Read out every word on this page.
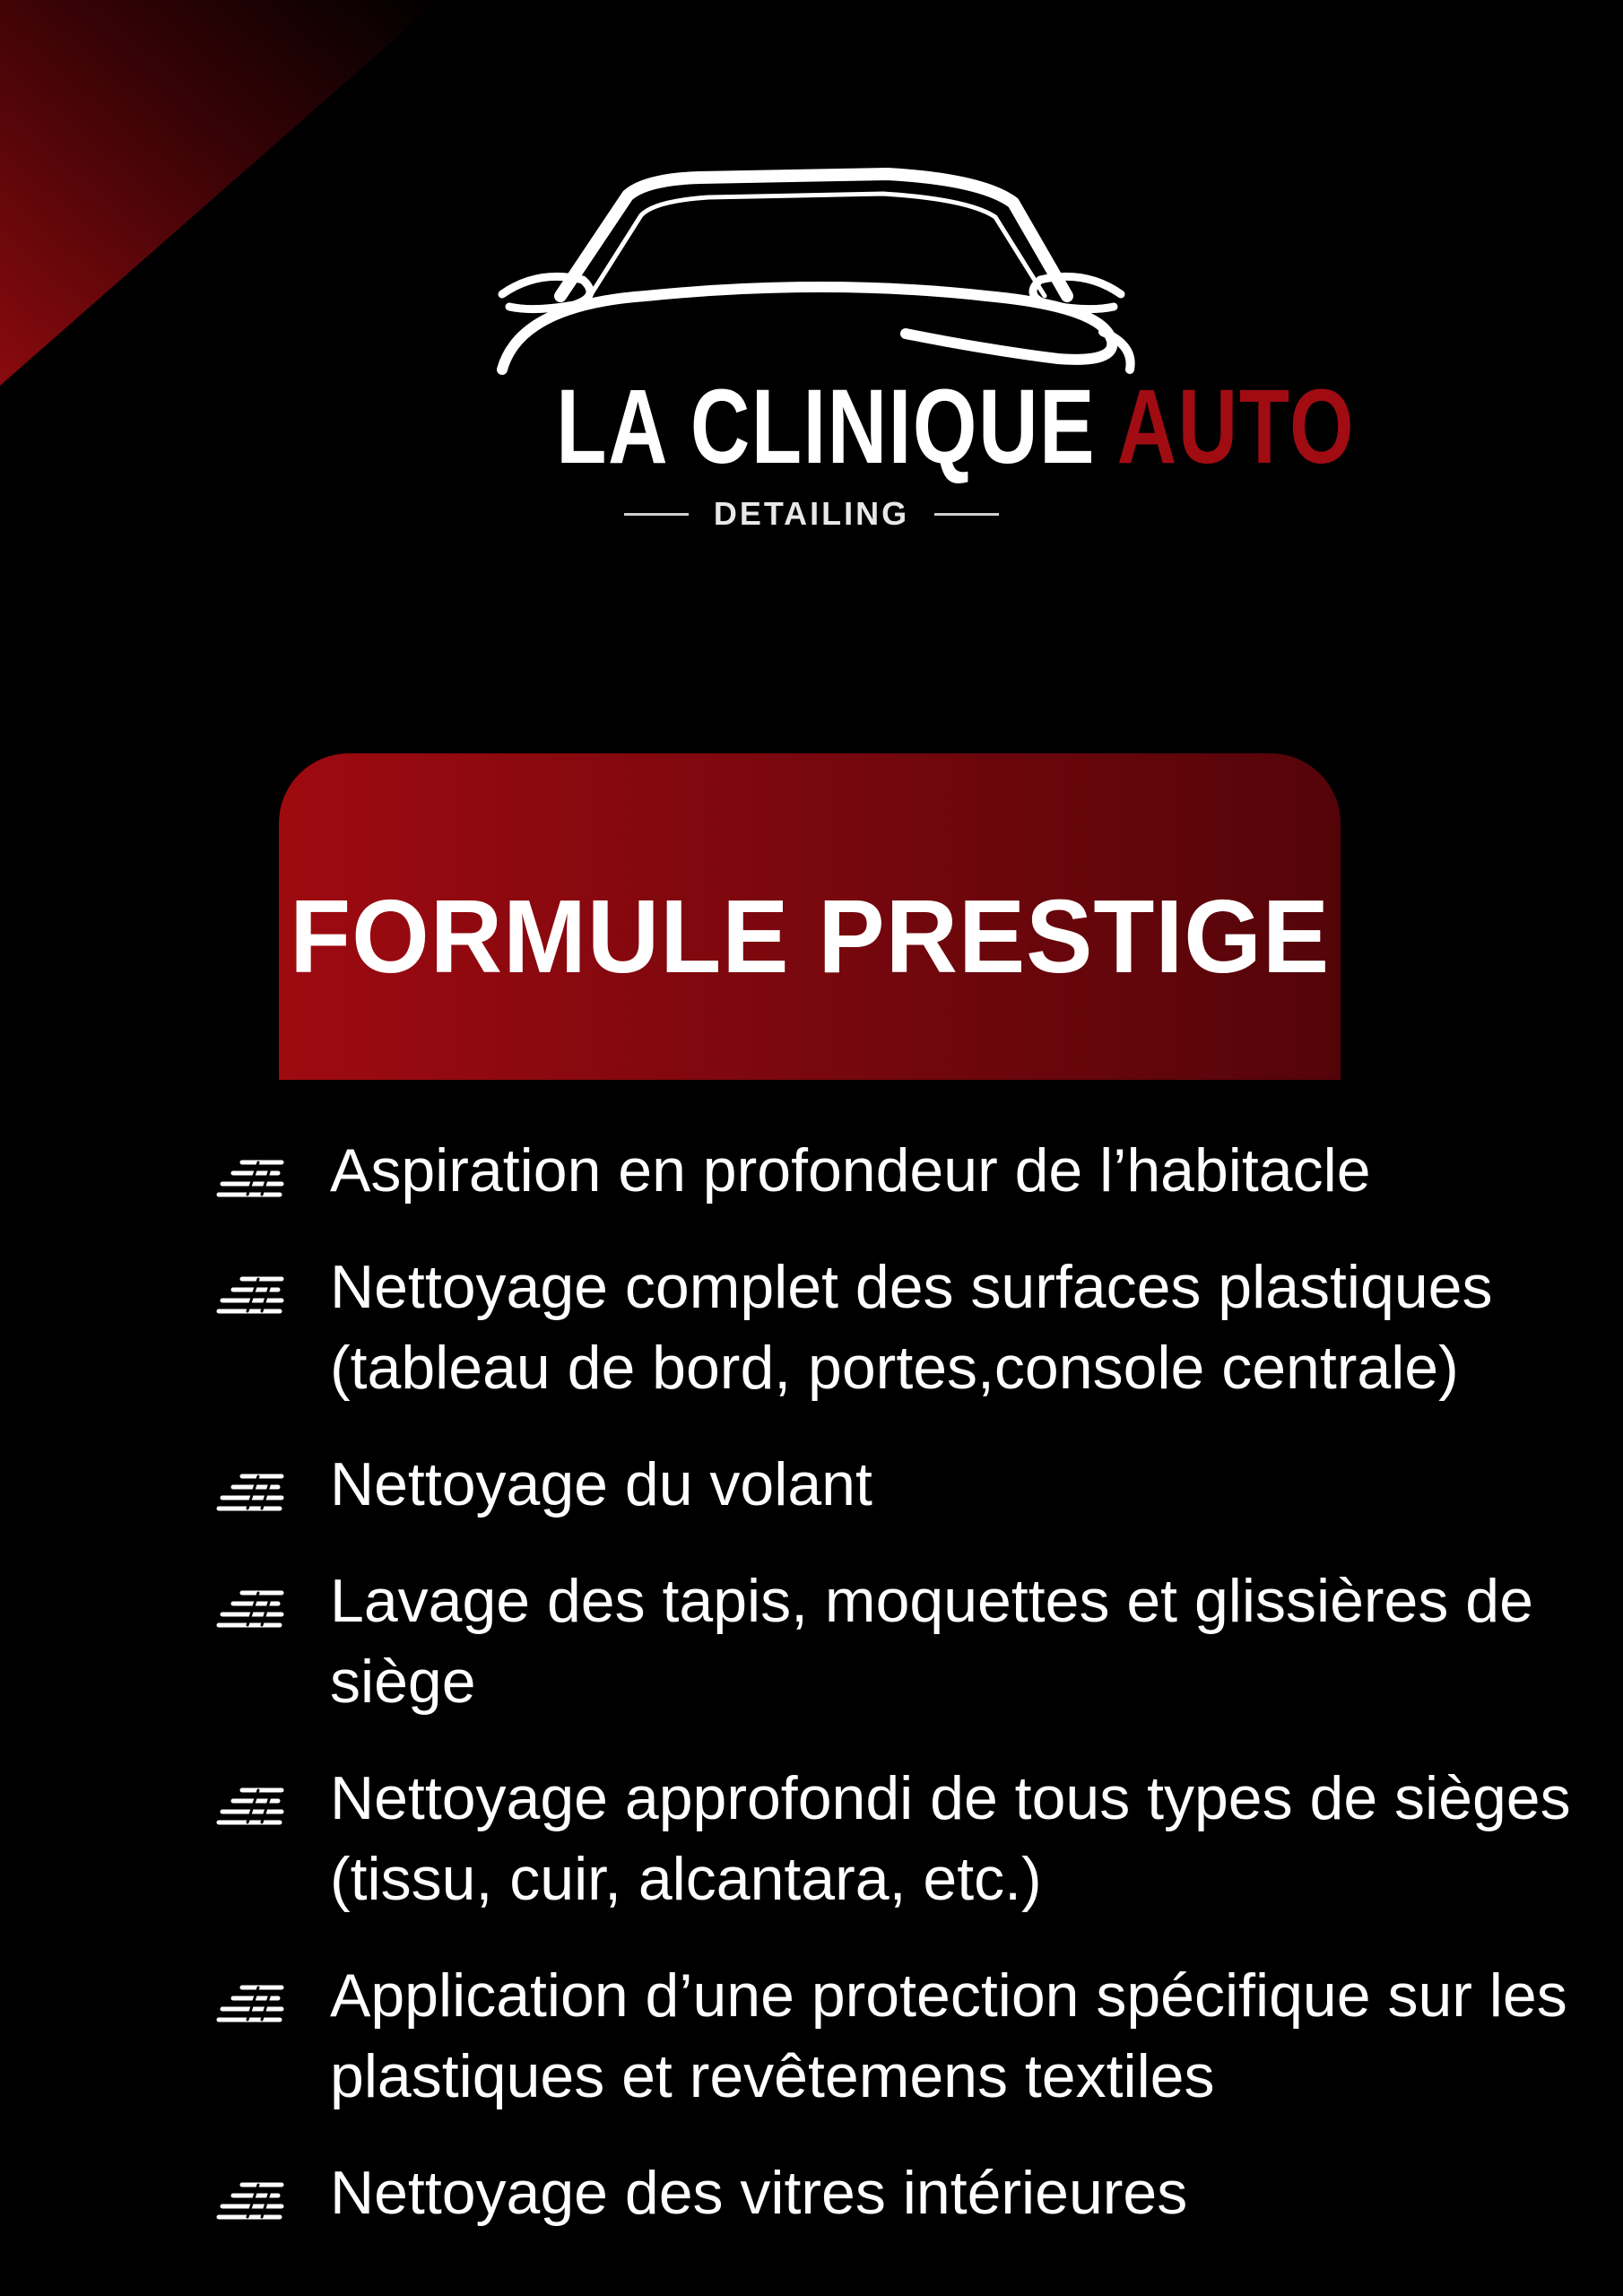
LA CLINIQUE AUTO
DETAILING
FORMULE PRESTIGE
Aspiration en profondeur de l’habitacle
Nettoyage complet des surfaces plastiques (tableau de bord, portes,console centrale)
Nettoyage du volant
Lavage des tapis, moquettes et glissières de siège
Nettoyage approfondi de tous types de sièges (tissu, cuir, alcantara, etc.)
Application d’une protection spécifique sur les plastiques et revêtemens textiles
Nettoyage des vitres intérieures
